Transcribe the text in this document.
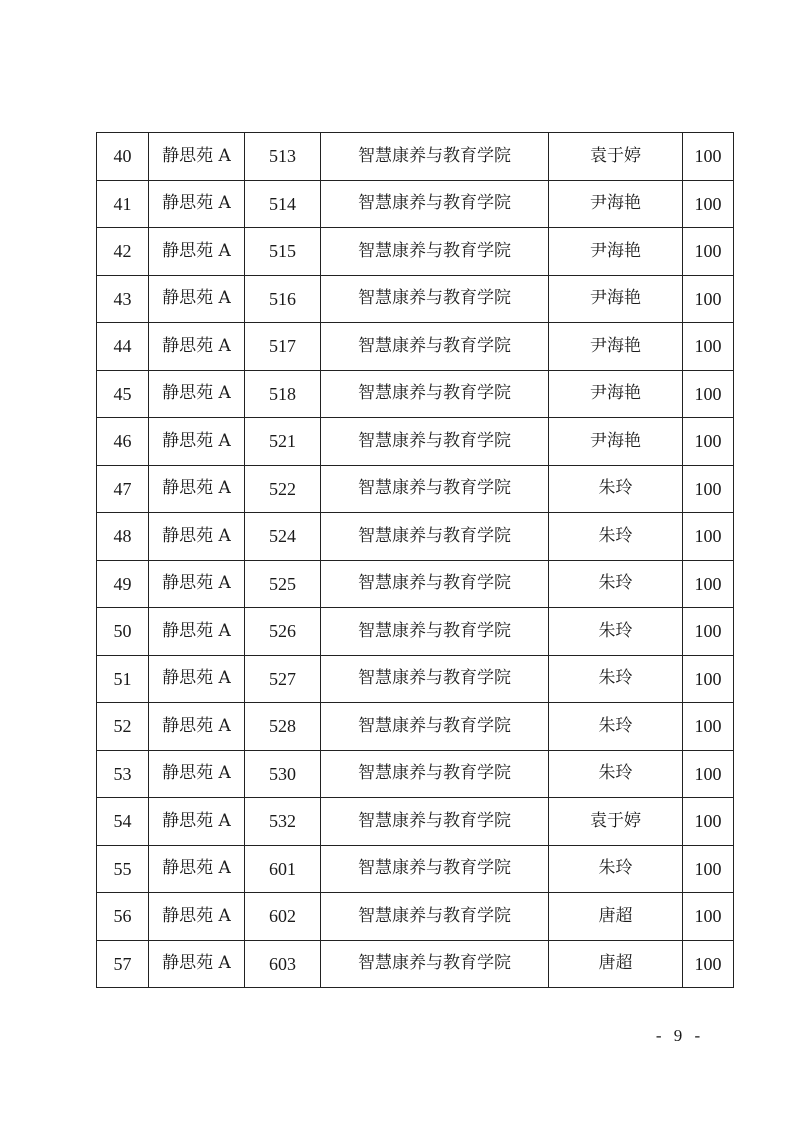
40	静思苑 A	513	智慧康养与教育学院	袁于婷	100
41	静思苑 A	514	智慧康养与教育学院	尹海艳	100
42	静思苑 A	515	智慧康养与教育学院	尹海艳	100
43	静思苑 A	516	智慧康养与教育学院	尹海艳	100
44	静思苑 A	517	智慧康养与教育学院	尹海艳	100
45	静思苑 A	518	智慧康养与教育学院	尹海艳	100
46	静思苑 A	521	智慧康养与教育学院	尹海艳	100
47	静思苑 A	522	智慧康养与教育学院	朱玲	100
48	静思苑 A	524	智慧康养与教育学院	朱玲	100
49	静思苑 A	525	智慧康养与教育学院	朱玲	100
50	静思苑 A	526	智慧康养与教育学院	朱玲	100
51	静思苑 A	527	智慧康养与教育学院	朱玲	100
52	静思苑 A	528	智慧康养与教育学院	朱玲	100
53	静思苑 A	530	智慧康养与教育学院	朱玲	100
54	静思苑 A	532	智慧康养与教育学院	袁于婷	100
55	静思苑 A	601	智慧康养与教育学院	朱玲	100
56	静思苑 A	602	智慧康养与教育学院	唐超	100
57	静思苑 A	603	智慧康养与教育学院	唐超	100
- 9 -
